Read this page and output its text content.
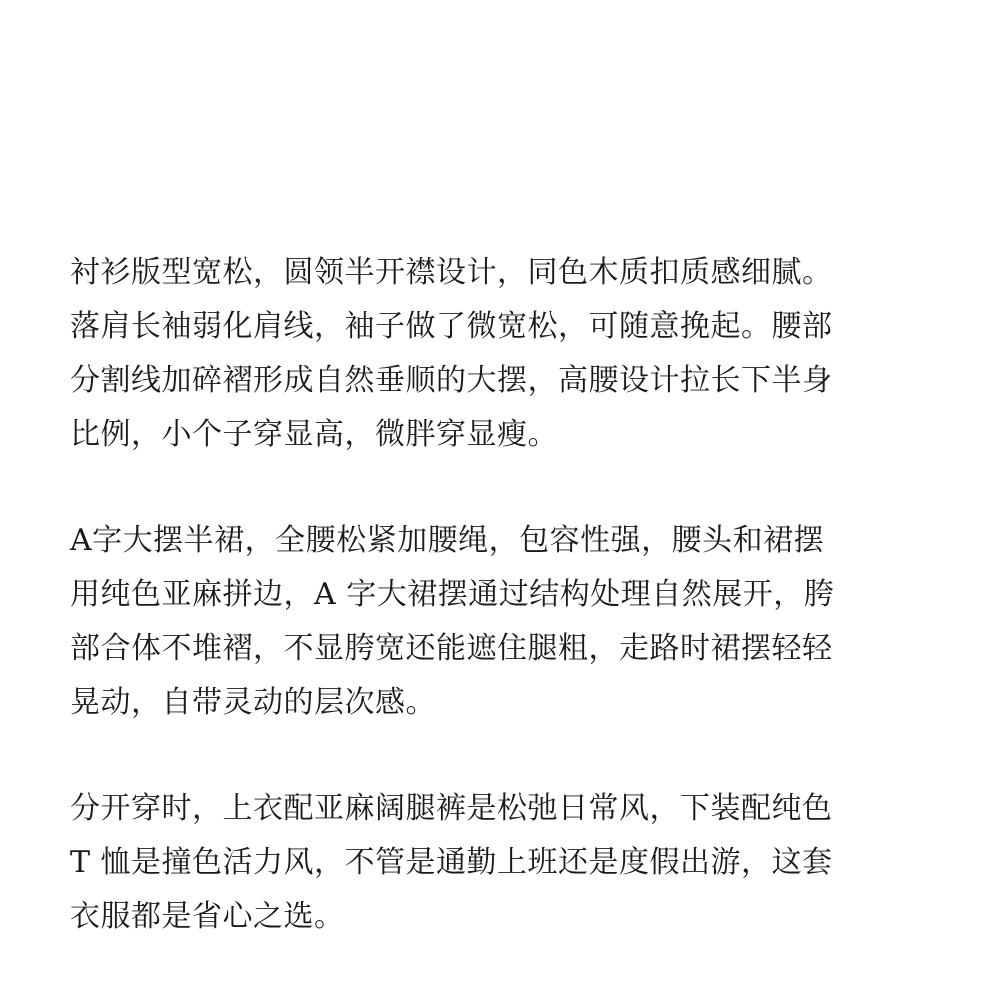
衬衫版型宽松，圆领半开襟设计，同色木质扣质感细腻。
落肩长袖弱化肩线，袖子做了微宽松，可随意挽起。腰部
分割线加碎褶形成自然垂顺的大摆，高腰设计拉长下半身
比例，小个子穿显高，微胖穿显瘦。
A字大摆半裙，全腰松紧加腰绳，包容性强，腰头和裙摆
用纯色亚麻拼边，A 字大裙摆通过结构处理自然展开，胯
部合体不堆褶，不显胯宽还能遮住腿粗，走路时裙摆轻轻
晃动，自带灵动的层次感。
分开穿时，上衣配亚麻阔腿裤是松弛日常风，下装配纯色
T 恤是撞色活力风，不管是通勤上班还是度假出游，这套
衣服都是省心之选。
